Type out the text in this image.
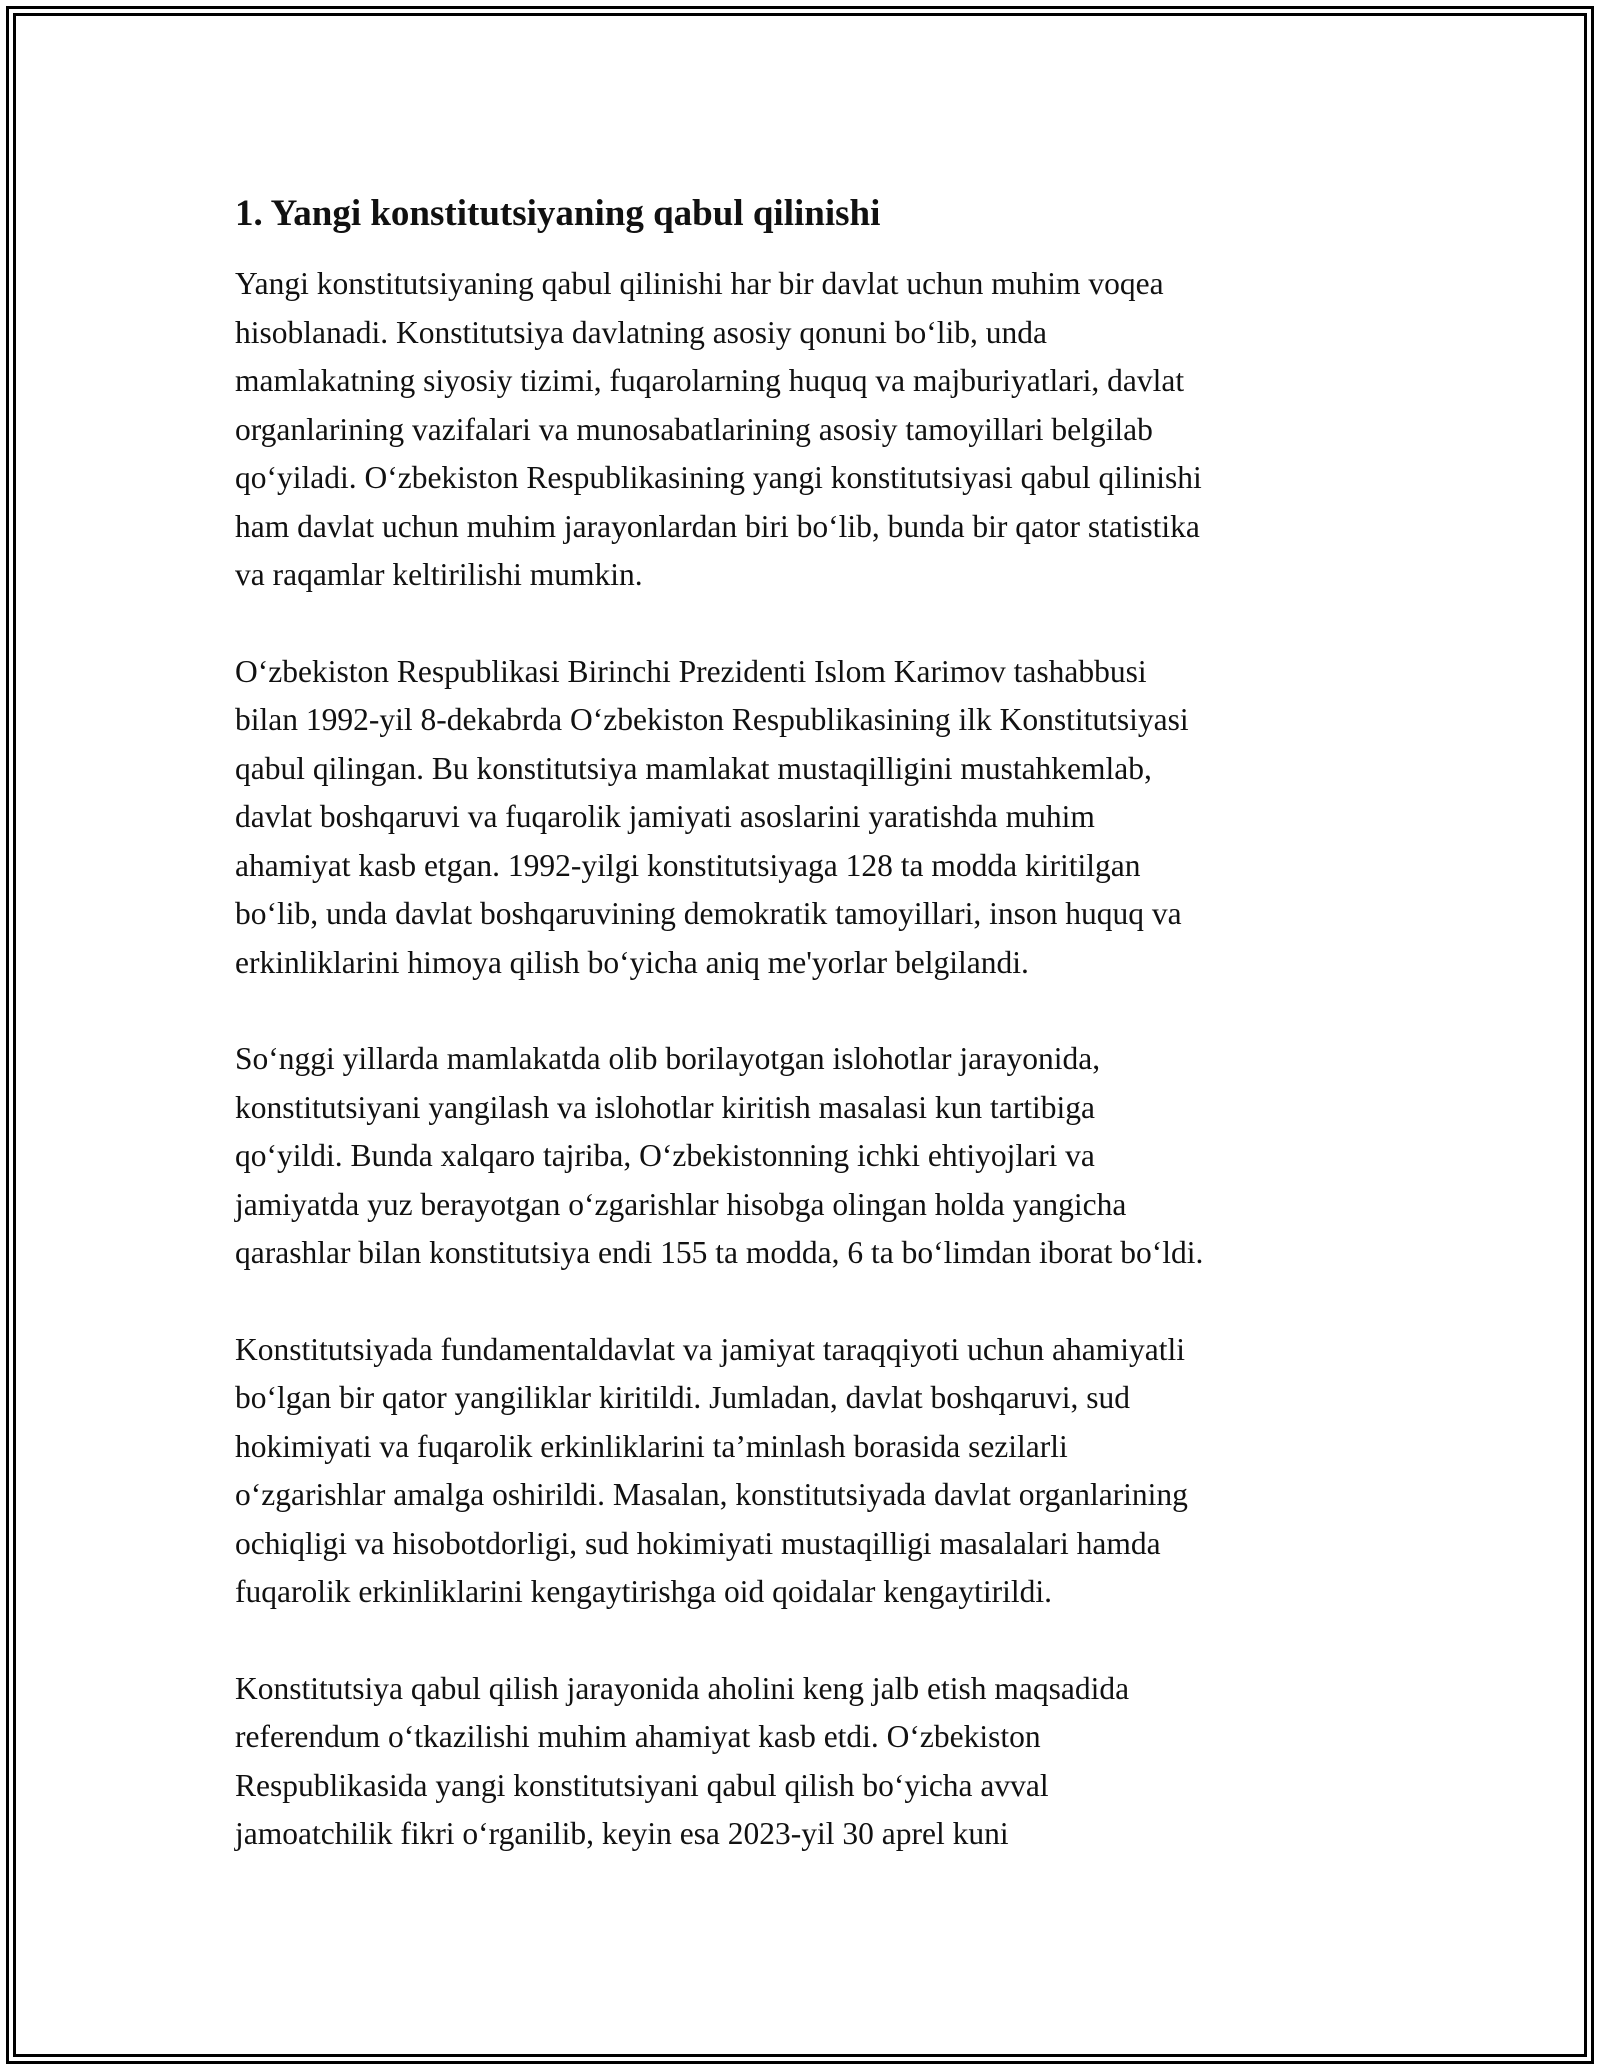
1. Yangi konstitutsiyaning qabul qilinishi
Yangi konstitutsiyaning qabul qilinishi har bir davlat uchun muhim voqea
hisoblanadi. Konstitutsiya davlatning asosiy qonuni bo‘lib, unda
mamlakatning siyosiy tizimi, fuqarolarning huquq va majburiyatlari, davlat
organlarining vazifalari va munosabatlarining asosiy tamoyillari belgilab
qo‘yiladi. O‘zbekiston Respublikasining yangi konstitutsiyasi qabul qilinishi
ham davlat uchun muhim jarayonlardan biri bo‘lib, bunda bir qator statistika
va raqamlar keltirilishi mumkin.
O‘zbekiston Respublikasi Birinchi Prezidenti Islom Karimov tashabbusi
bilan 1992-yil 8-dekabrda O‘zbekiston Respublikasining ilk Konstitutsiyasi
qabul qilingan. Bu konstitutsiya mamlakat mustaqilligini mustahkemlab,
davlat boshqaruvi va fuqarolik jamiyati asoslarini yaratishda muhim
ahamiyat kasb etgan. 1992-yilgi konstitutsiyaga 128 ta modda kiritilgan
bo‘lib, unda davlat boshqaruvining demokratik tamoyillari, inson huquq va
erkinliklarini himoya qilish bo‘yicha aniq me'yorlar belgilandi.
So‘nggi yillarda mamlakatda olib borilayotgan islohotlar jarayonida,
konstitutsiyani yangilash va islohotlar kiritish masalasi kun tartibiga
qo‘yildi. Bunda xalqaro tajriba, O‘zbekistonning ichki ehtiyojlari va
jamiyatda yuz berayotgan o‘zgarishlar hisobga olingan holda yangicha
qarashlar bilan konstitutsiya endi 155 ta modda, 6 ta bo‘limdan iborat bo‘ldi.
Konstitutsiyada fundamentaldavlat va jamiyat taraqqiyoti uchun ahamiyatli
bo‘lgan bir qator yangiliklar kiritildi. Jumladan, davlat boshqaruvi, sud
hokimiyati va fuqarolik erkinliklarini ta’minlash borasida sezilarli
o‘zgarishlar amalga oshirildi. Masalan, konstitutsiyada davlat organlarining
ochiqligi va hisobotdorligi, sud hokimiyati mustaqilligi masalalari hamda
fuqarolik erkinliklarini kengaytirishga oid qoidalar kengaytirildi.
Konstitutsiya qabul qilish jarayonida aholini keng jalb etish maqsadida
referendum o‘tkazilishi muhim ahamiyat kasb etdi. O‘zbekiston
Respublikasida yangi konstitutsiyani qabul qilish bo‘yicha avval
jamoatchilik fikri o‘rganilib, keyin esa 2023-yil 30 aprel kuni
